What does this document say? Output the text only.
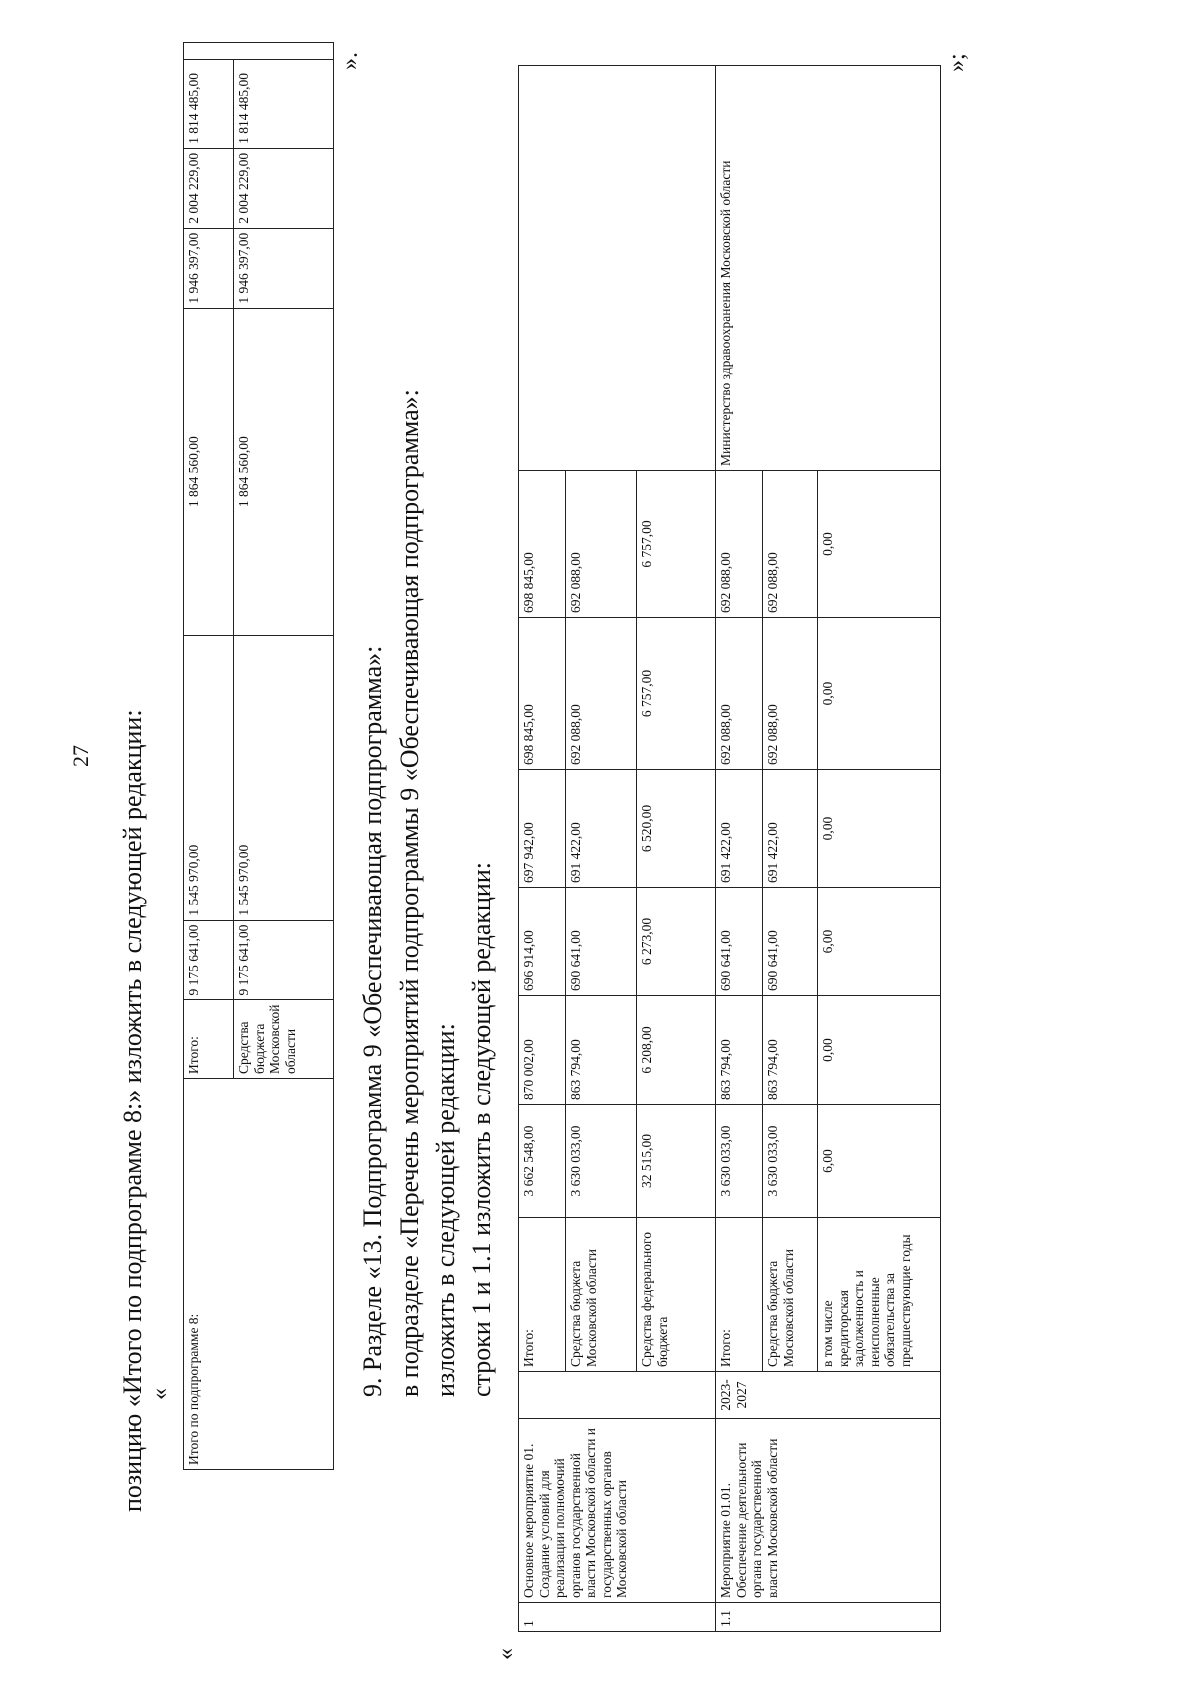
27 позицию «Итого по подпрограмме 8:» изложить в следующей редакции: « Итого по подпрограмме 8:	Итого:	9 175 641,00	1 545 970,00	1 864 560,00	1 946 397,00	2 004 229,00	1 814 485,00	
	Средства бюджета Московской области	9 175 641,00	1 545 970,00	1 864 560,00	1 946 397,00	2 004 229,00	1 814 485,00	
».
9. Разделе «13. Подпрограмма 9 «Обеспечивающая подпрограмма»: в подразделе «Перечень мероприятий подпрограммы 9 «Обеспечивающая подпрограмма»: изложить в следующей редакции: строки 1 и 1.1 изложить в следующей редакции:
«
1	Основное мероприятие 01. Создание условий для реализации полномочий органов государственной власти Московской области и государственных органов Московской области		Итого:	3 662 548,00	870 002,00	696 914,00	697 942,00	698 845,00	698 845,00	
			Средства бюджета Московской области	3 630 033,00	863 794,00	690 641,00	691 422,00	692 088,00	692 088,00	
			Средства федерального бюджета	32 515,00	6 208,00	6 273,00	6 520,00	6 757,00	6 757,00	
1.1	Мероприятие 01.01. Обеспечение деятельности органа государственной власти Московской области	2023-2027	Итого:	3 630 033,00	863 794,00	690 641,00	691 422,00	692 088,00	692 088,00	Министерство здравоохранения Московской области
			Средства бюджета Московской области	3 630 033,00	863 794,00	690 641,00	691 422,00	692 088,00	692 088,00	
			в том числе кредиторская задолженность и неисполненные обязательства за предшествующие годы	6,00	0,00	6,00	0,00	0,00	0,00	
»;
